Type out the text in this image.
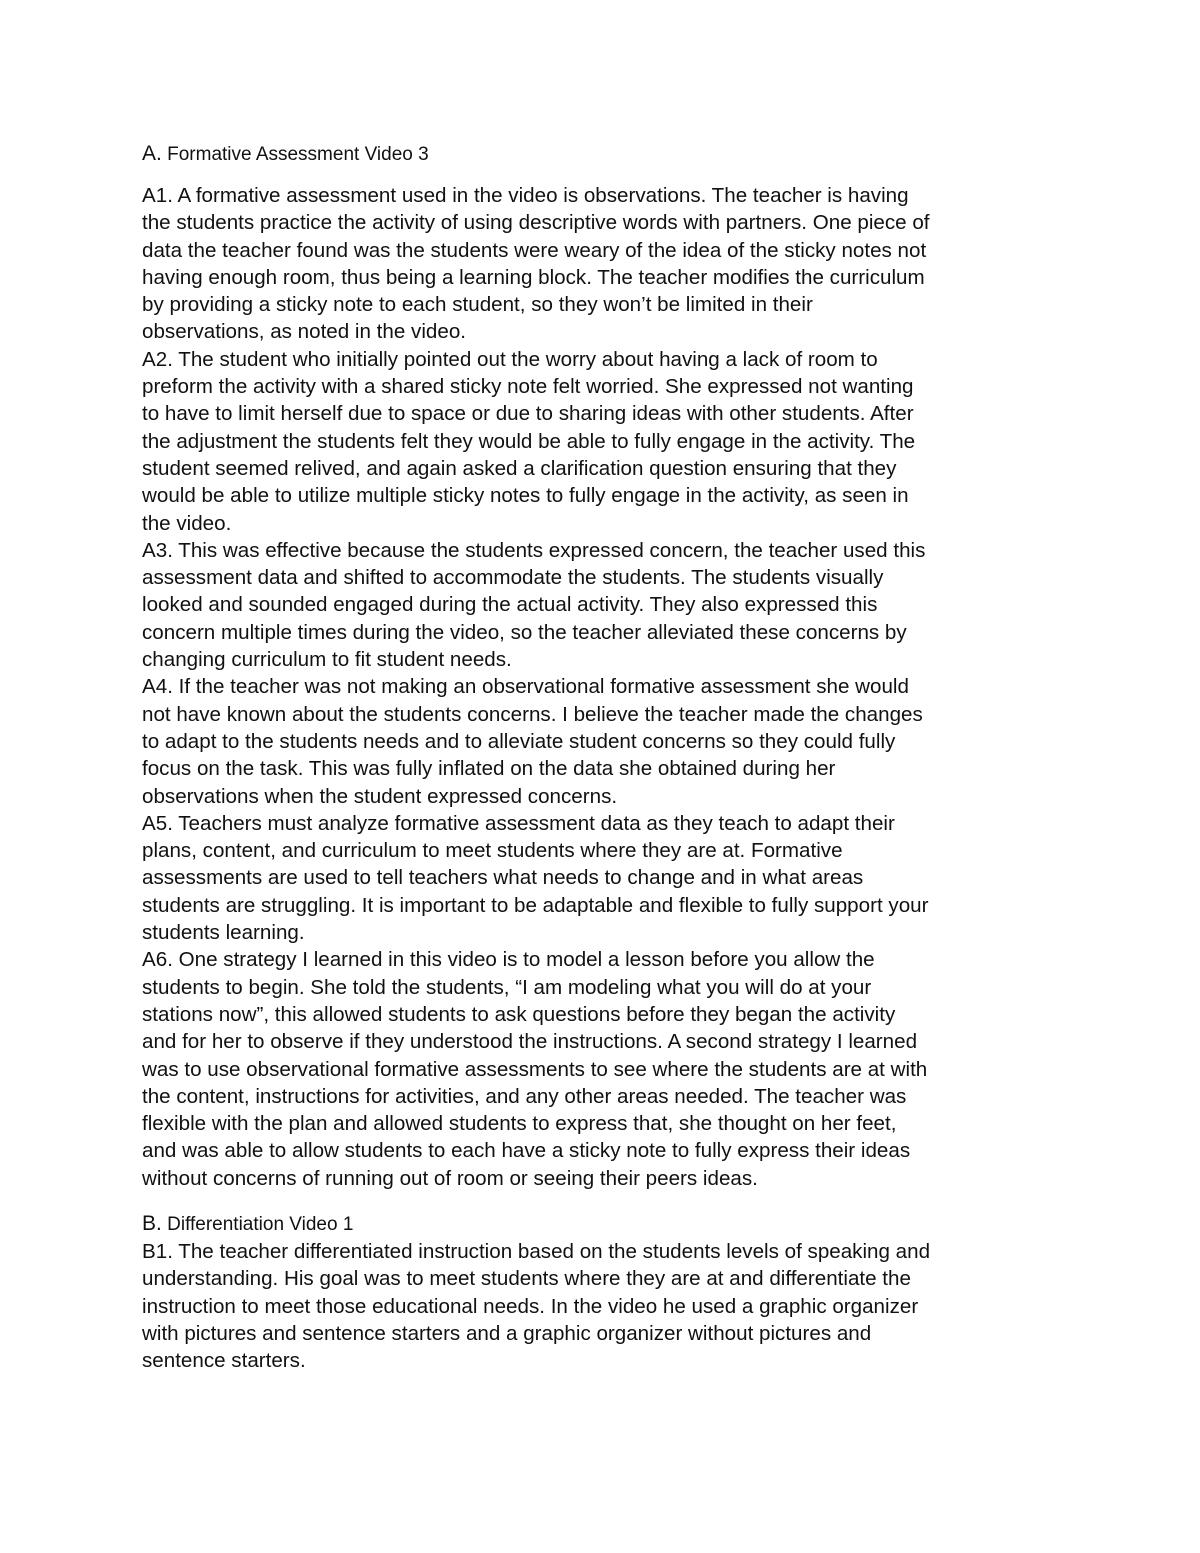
A. Formative Assessment Video 3

A1. A formative assessment used in the video is observations. The teacher is having
the students practice the activity of using descriptive words with partners. One piece of
data the teacher found was the students were weary of the idea of the sticky notes not
having enough room, thus being a learning block. The teacher modifies the curriculum
by providing a sticky note to each student, so they won’t be limited in their
observations, as noted in the video.

A2. The student who initially pointed out the worry about having a lack of room to
preform the activity with a shared sticky note felt worried. She expressed not wanting
to have to limit herself due to space or due to sharing ideas with other students. After
the adjustment the students felt they would be able to fully engage in the activity. The
student seemed relived, and again asked a clarification question ensuring that they
would be able to utilize multiple sticky notes to fully engage in the activity, as seen in
the video.

A3. This was effective because the students expressed concern, the teacher used this
assessment data and shifted to accommodate the students. The students visually
looked and sounded engaged during the actual activity. They also expressed this
concern multiple times during the video, so the teacher alleviated these concerns by
changing curriculum to fit student needs.

A4. If the teacher was not making an observational formative assessment she would
not have known about the students concerns. I believe the teacher made the changes
to adapt to the students needs and to alleviate student concerns so they could fully
focus on the task. This was fully inflated on the data she obtained during her
observations when the student expressed concerns.

A5. Teachers must analyze formative assessment data as they teach to adapt their
plans, content, and curriculum to meet students where they are at. Formative
assessments are used to tell teachers what needs to change and in what areas
students are struggling. It is important to be adaptable and flexible to fully support your
students learning.

A6. One strategy I learned in this video is to model a lesson before you allow the
students to begin. She told the students, “I am modeling what you will do at your
stations now”, this allowed students to ask questions before they began the activity
and for her to observe if they understood the instructions. A second strategy I learned
was to use observational formative assessments to see where the students are at with
the content, instructions for activities, and any other areas needed. The teacher was
flexible with the plan and allowed students to express that, she thought on her feet,
and was able to allow students to each have a sticky note to fully express their ideas
without concerns of running out of room or seeing their peers ideas.

B. Differentiation Video 1

B1. The teacher differentiated instruction based on the students levels of speaking and
understanding. His goal was to meet students where they are at and differentiate the
instruction to meet those educational needs. In the video he used a graphic organizer
with pictures and sentence starters and a graphic organizer without pictures and
sentence starters.
